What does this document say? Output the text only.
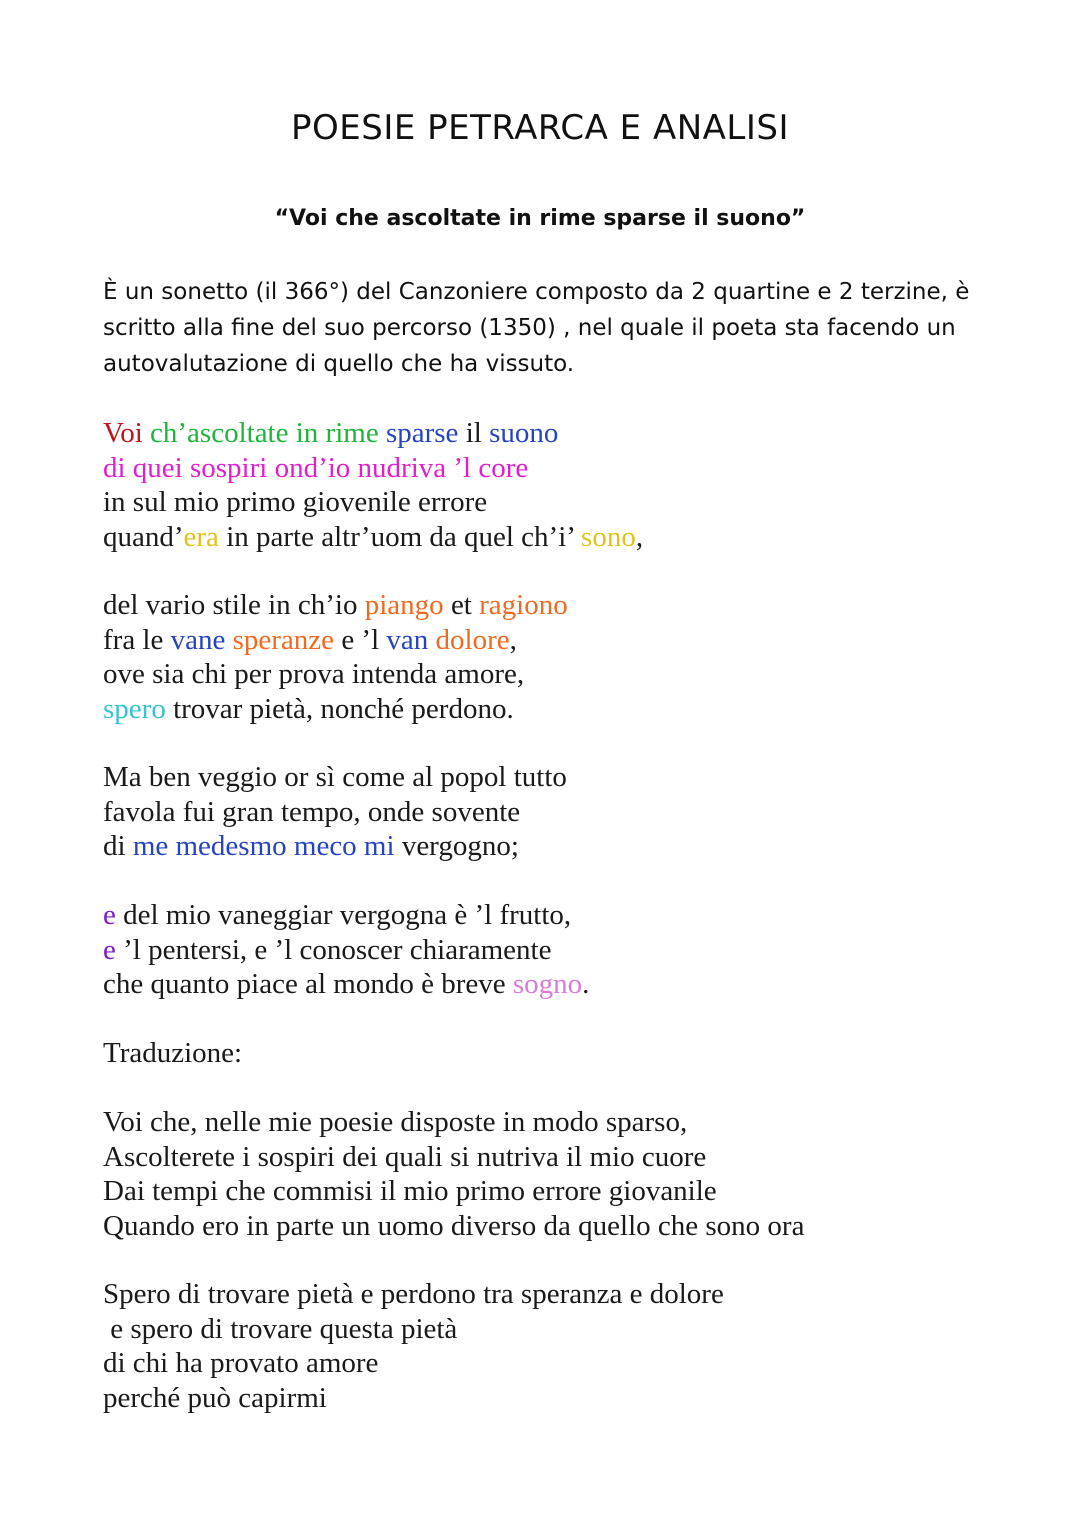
POESIE PETRARCA E ANALISI
“Voi che ascoltate in rime sparse il suono”

È un sonetto (il 366°) del Canzoniere composto da 2 quartine e 2 terzine, è scritto alla fine del suo percorso (1350) , nel quale il poeta sta facendo un autovalutazione di quello che ha vissuto.

Voi ch’ascoltate in rime sparse il suono
di quei sospiri ond’io nudriva ’l core
in sul mio primo giovenile errore
quand’era in parte altr’uom da quel ch’i’ sono,
del vario stile in ch’io piango et ragiono
fra le vane speranze e ’l van dolore,
ove sia chi per prova intenda amore,
spero trovar pietà, nonché perdono.
Ma ben veggio or sì come al popol tutto
favola fui gran tempo, onde sovente
di me medesmo meco mi vergogno;
e del mio vaneggiar vergogna è ’l frutto,
e ’l pentersi, e ’l conoscer chiaramente
che quanto piace al mondo è breve sogno.
Traduzione:
Voi che, nelle mie poesie disposte in modo sparso,
Ascolterete i sospiri dei quali si nutriva il mio cuore
Dai tempi che commisi il mio primo errore giovanile
Quando ero in parte un uomo diverso da quello che sono ora
Spero di trovare pietà e perdono tra speranza e dolore
e spero di trovare questa pietà
di chi ha provato amore
perché può capirmi
